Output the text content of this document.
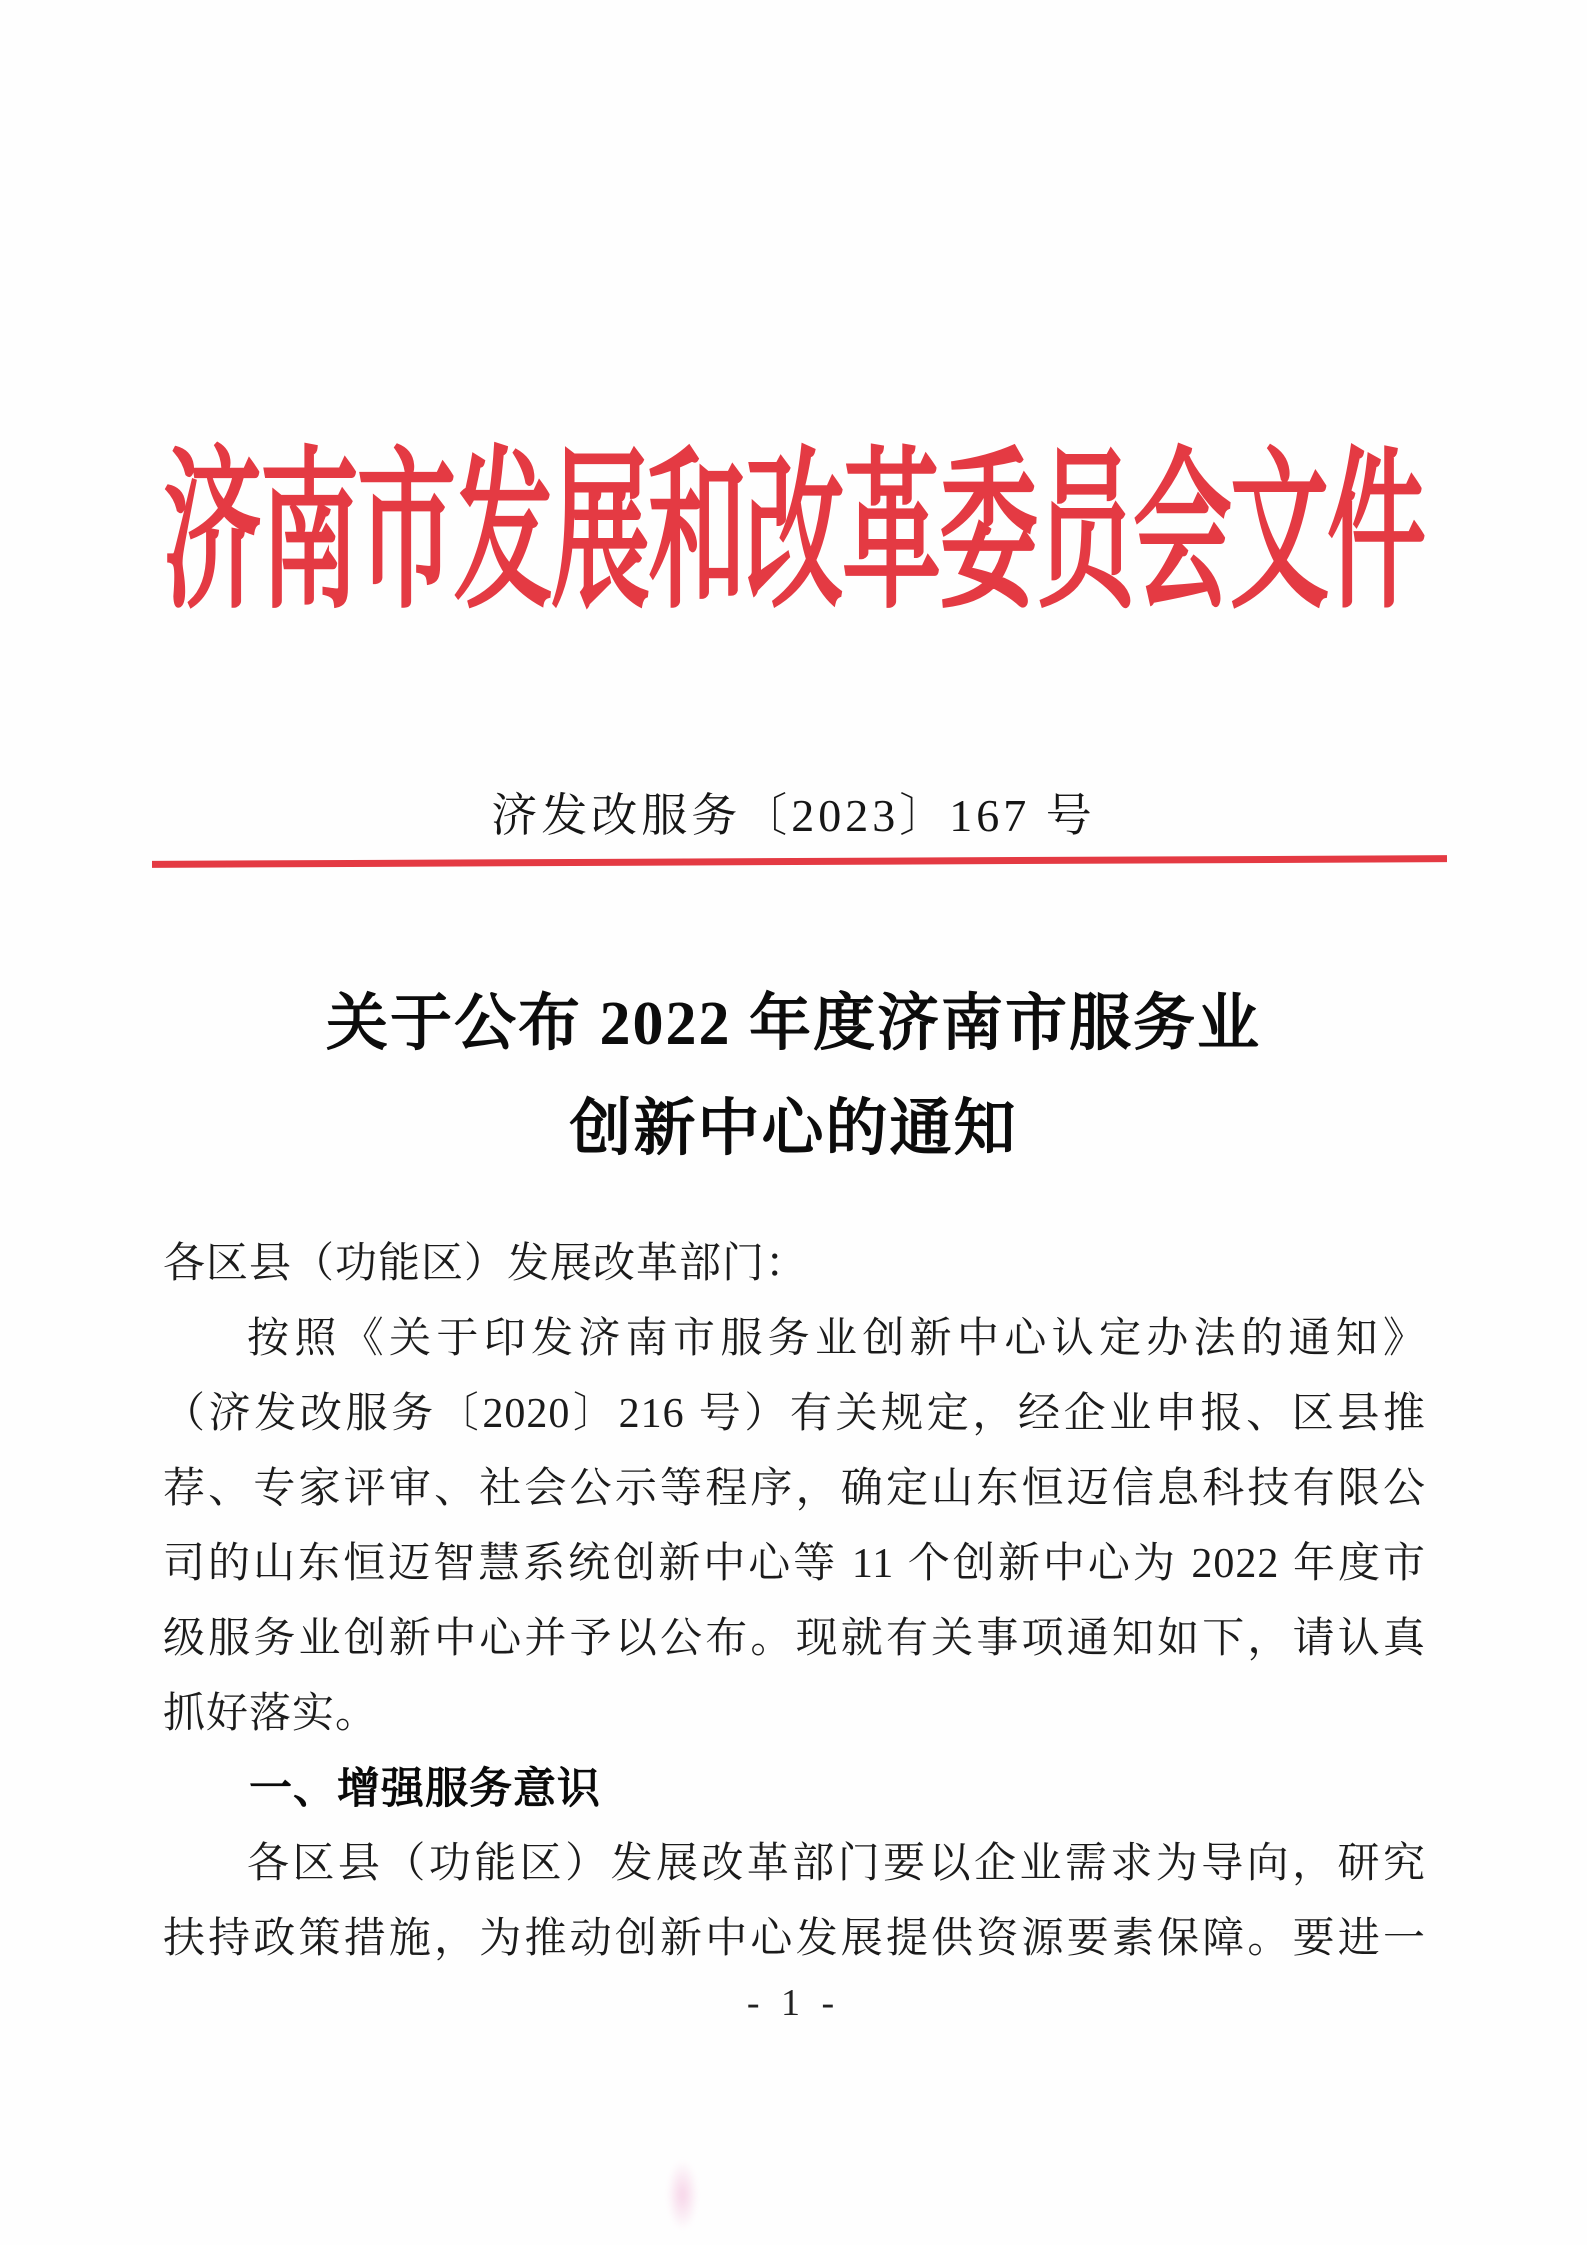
济南市发展和改革委员会文件
济发改服务〔2023〕167 号
关于公布 2022 年度济南市服务业
创新中心的通知
各区县（功能区）发展改革部门：
按照《关于印发济南市服务业创新中心认定办法的通知》
（济发改服务〔2020〕216 号）有关规定，经企业申报、区县推
荐、专家评审、社会公示等程序，确定山东恒迈信息科技有限公
司的山东恒迈智慧系统创新中心等 11 个创新中心为 2022 年度市
级服务业创新中心并予以公布。现就有关事项通知如下，请认真
抓好落实。
一、增强服务意识
各区县（功能区）发展改革部门要以企业需求为导向，研究
扶持政策措施，为推动创新中心发展提供资源要素保障。要进一
- 1 -
